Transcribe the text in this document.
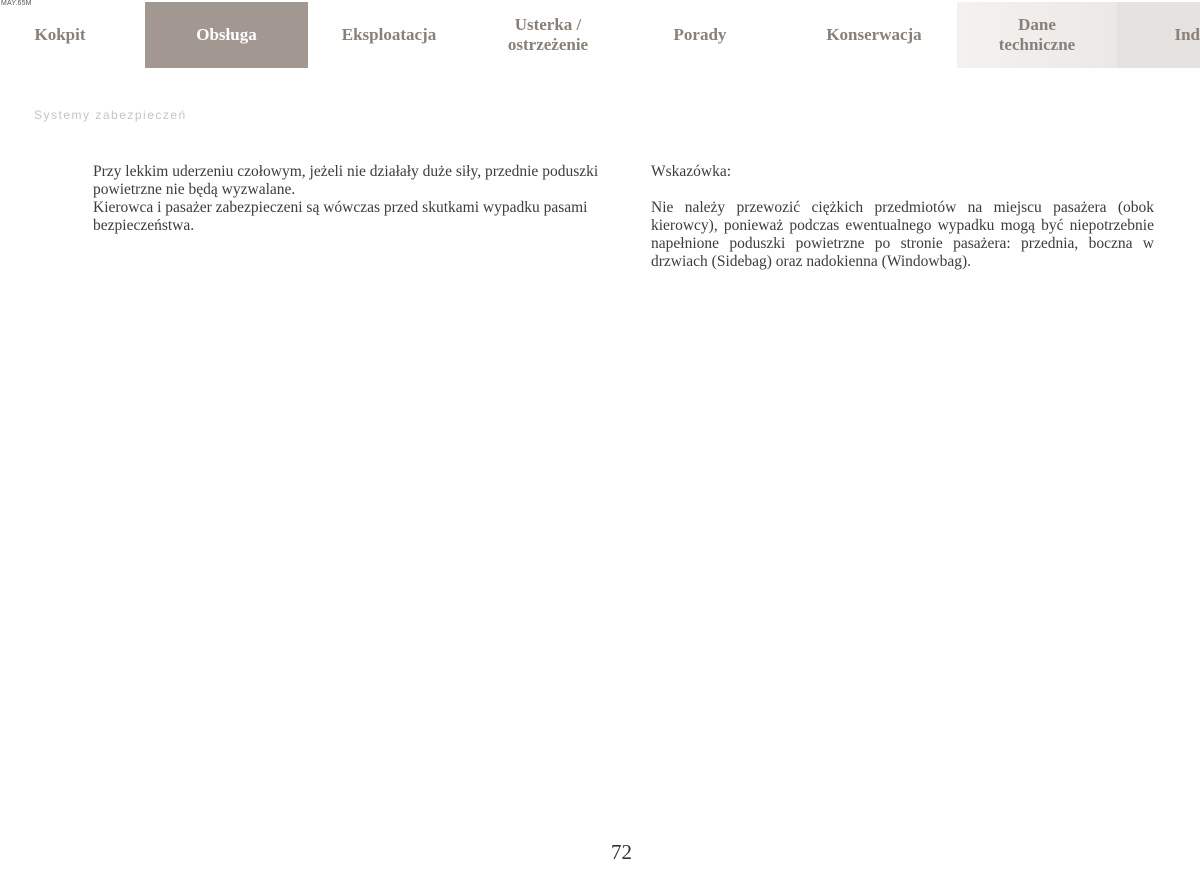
MAY.65M
Kokpit	Obsługa	Eksploatacja
Usterka /
ostrzeżenie
Porady	Konserwacja
Dane
techniczne
Ind
Systemy zabezpieczeń

Przy lekkim uderzeniu czołowym, jeżeli nie działały duże siły, przednie poduszki powietrzne nie będą wyzwalane.

Kierowca i pasażer zabezpieczeni są wówczas przed skutkami wypadku pasami bezpieczeństwa.

Wskazówka:

Nie należy przewozić ciężkich przedmiotów na miejscu pasażera (obok kierowcy), ponieważ podczas ewentualnego wypadku mogą być niepotrzebnie napełnione poduszki powietrzne po stronie pasażera: przednia, boczna w drzwiach (Sidebag) oraz nadokienna (Windowbag).

72
